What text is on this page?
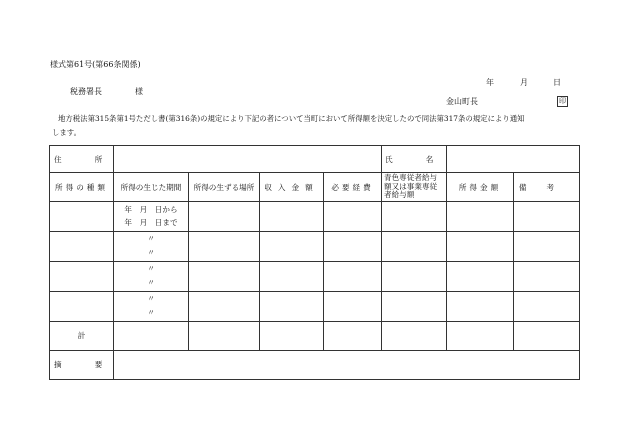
様式第61号(第66条関係)
年	月	日
税務署長	様
金山町長	印
地方税法第315条第1号ただし書(第316条)の規定により下記の者について当町において所得額を決定したので同法第317条の規定により通知
します。
住　　所					氏　　名		
所得の種類	所得の生じた期間	所得の生ずる場所	収入金額	必要経費	青色専従者給与額又は事業専従者給与額	所得金額	備考

	年　月　日から
年　月　日まで						

	〃
〃						

	〃
〃						

	〃
〃						

計							
摘　　要							
